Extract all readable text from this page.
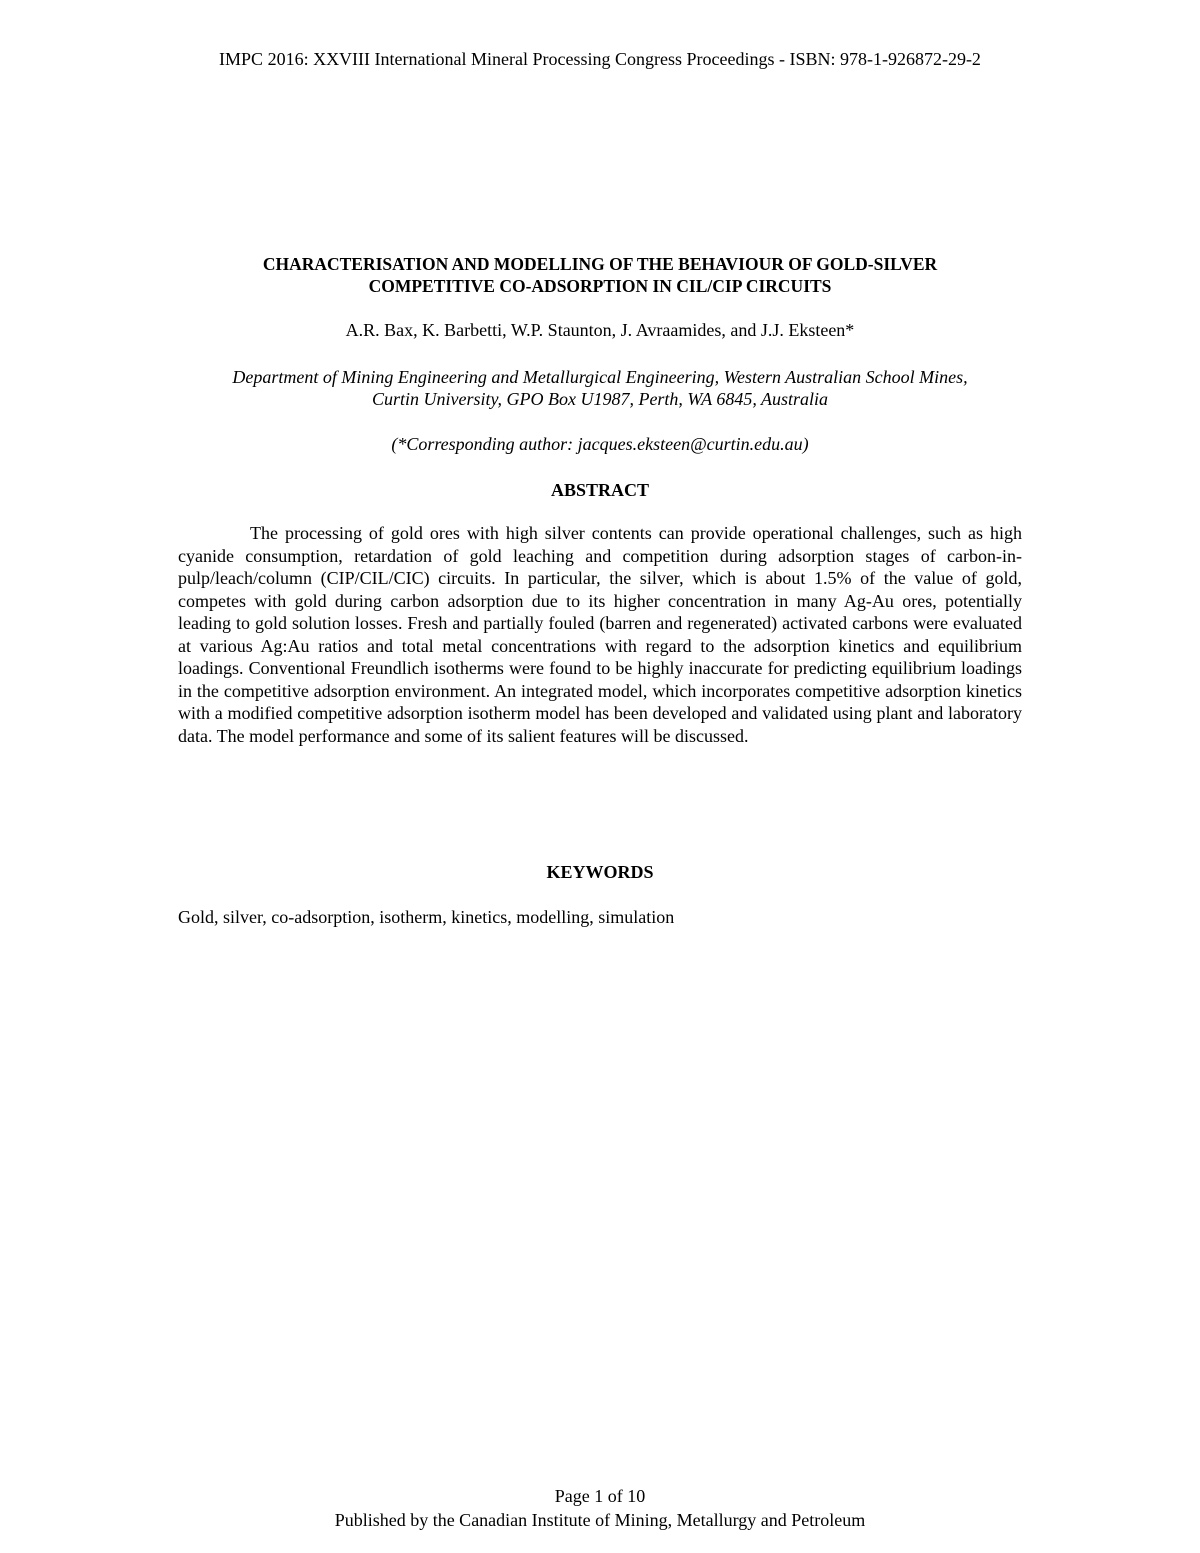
IMPC 2016: XXVIII International Mineral Processing Congress Proceedings - ISBN: 978-1-926872-29-2
CHARACTERISATION AND MODELLING OF THE BEHAVIOUR OF GOLD-SILVER
COMPETITIVE CO-ADSORPTION IN CIL/CIP CIRCUITS
A.R. Bax, K. Barbetti, W.P. Staunton, J. Avraamides, and J.J. Eksteen*
Department of Mining Engineering and Metallurgical Engineering, Western Australian School Mines,
Curtin University, GPO Box U1987, Perth, WA 6845, Australia
(*Corresponding author: jacques.eksteen@curtin.edu.au)
ABSTRACT

The processing of gold ores with high silver contents can provide operational challenges, such as high cyanide consumption, retardation of gold leaching and competition during adsorption stages of carbon-in-pulp/leach/column (CIP/CIL/CIC) circuits. In particular, the silver, which is about 1.5% of the value of gold, competes with gold during carbon adsorption due to its higher concentration in many Ag-Au ores, potentially leading to gold solution losses. Fresh and partially fouled (barren and regenerated) activated carbons were evaluated at various Ag:Au ratios and total metal concentrations with regard to the adsorption kinetics and equilibrium loadings. Conventional Freundlich isotherms were found to be highly inaccurate for predicting equilibrium loadings in the competitive adsorption environment. An integrated model, which incorporates competitive adsorption kinetics with a modified competitive adsorption isotherm model has been developed and validated using plant and laboratory data. The model performance and some of its salient features will be discussed.

KEYWORDS
Gold, silver, co-adsorption, isotherm, kinetics, modelling, simulation
Page 1 of 10
Published by the Canadian Institute of Mining, Metallurgy and Petroleum
